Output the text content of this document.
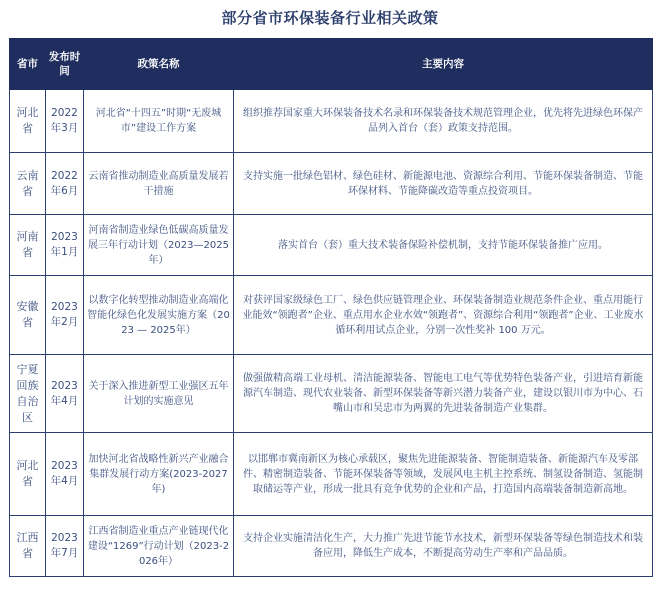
部分省市环保装备行业相关政策
省市	发布时间	政策名称	主要内容
河北省	2022年3月	河北省“十四五”时期“无废城市”建设工作方案	组织推荐国家重大环保装备技术名录和环保装备技术规范管理企业，优先将先进绿色环保产品列入首台（套）政策支持范围。
云南省	2022年6月	云南省推动制造业高质量发展若干措施	支持实施一批绿色铝材、绿色硅材、新能源电池、资源综合利用、节能环保装备制造、节能环保材料、节能降碳改造等重点投资项目。
河南省	2023年1月	河南省制造业绿色低碳高质量发展三年行动计划（2023—2025年）	落实首台（套）重大技术装备保险补偿机制，支持节能环保装备推广应用。
安徽省	2023年2月	以数字化转型推动制造业高端化智能化绿色化发展实施方案（2023 — 2025年）	对获评国家级绿色工厂、绿色供应链管理企业、环保装备制造业规范条件企业、重点用能行业能效“领跑者”企业、重点用水企业水效“领跑者”、资源综合利用“领跑者”企业、工业废水循环利用试点企业，分别一次性奖补 100 万元。
宁夏回族自治区	2023年4月	关于深入推进新型工业强区五年计划的实施意见	做强做精高端工业母机、清洁能源装备、智能电工电气等优势特色装备产业，引进培育新能源汽车制造、现代农业装备、新型环保装备等新兴潜力装备产业，建设以银川市为中心、石嘴山市和吴忠市为两翼的先进装备制造产业集群。
河北省	2023年4月	加快河北省战略性新兴产业融合集群发展行动方案(2023-2027年)	以邯郸市冀南新区为核心承载区，聚焦先进能源装备、智能制造装备、新能源汽车及零部件、精密制造装备、节能环保装备等领域，发展风电主机主控系统、制氢设备制造、氢能制取储运等产业，形成一批具有竞争优势的企业和产品，打造国内高端装备制造新高地。
江西省	2023年7月	江西省制造业重点产业链现代化建设“1269”行动计划（2023-2026年）	支持企业实施清洁化生产，大力推广先进节能节水技术，新型环保装备等绿色制造技术和装备应用，降低生产成本，不断提高劳动生产率和产品品质。
